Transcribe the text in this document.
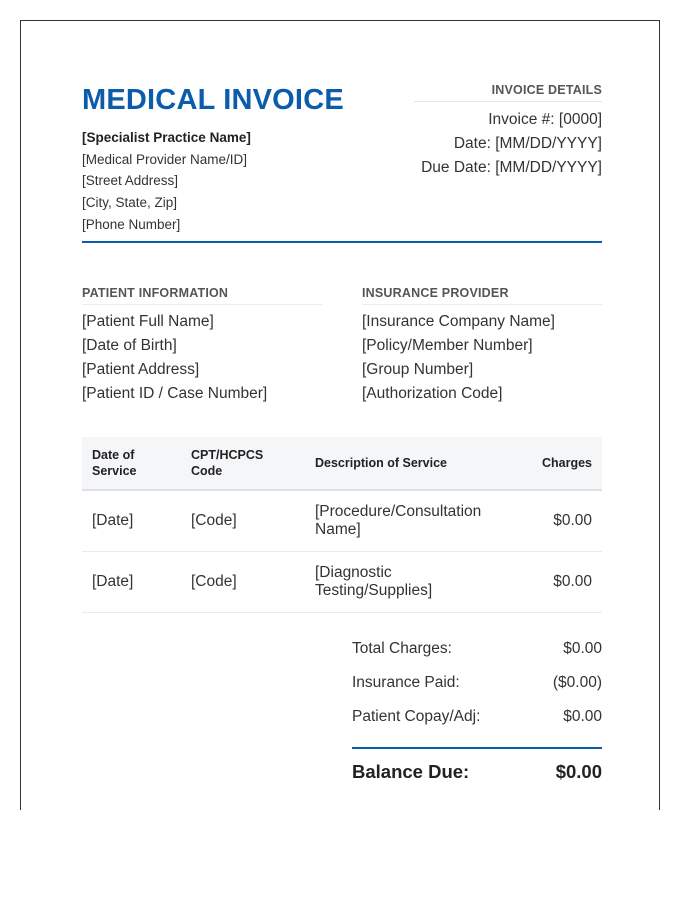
MEDICAL INVOICE
[Specialist Practice Name]
[Medical Provider Name/ID]
[Street Address]
[City, State, Zip]
[Phone Number]
INVOICE DETAILS
Invoice #: [0000]
Date: [MM/DD/YYYY]
Due Date: [MM/DD/YYYY]
PATIENT INFORMATION
[Patient Full Name]
[Date of Birth]
[Patient Address]
[Patient ID / Case Number]
INSURANCE PROVIDER
[Insurance Company Name]
[Policy/Member Number]
[Group Number]
[Authorization Code]
Date of Service	CPT/HCPCS Code	Description of Service	Charges
[Date]	[Code]	[Procedure/Consultation Name]	$0.00
[Date]	[Code]	[Diagnostic Testing/Supplies]	$0.00
Total Charges:	$0.00
Insurance Paid:	($0.00)
Patient Copay/Adj:	$0.00
Balance Due:	$0.00
